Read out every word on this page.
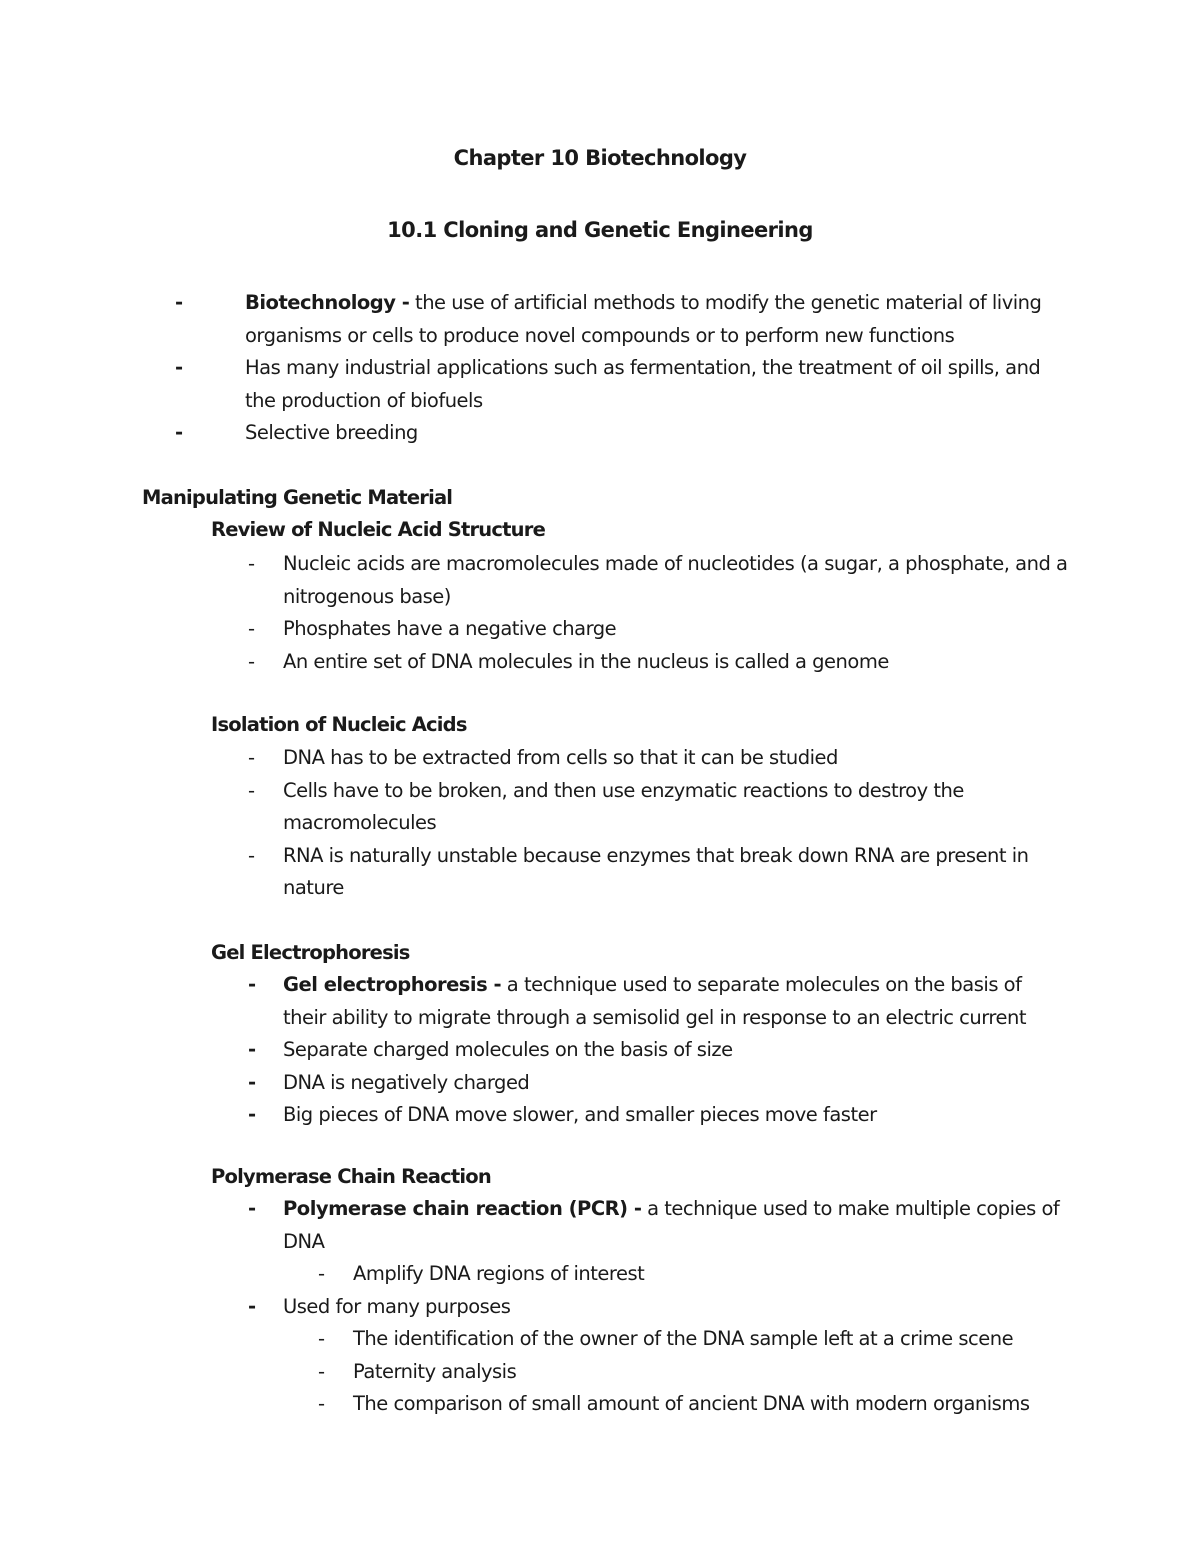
Chapter 10 Biotechnology
10.1 Cloning and Genetic Engineering
-	Biotechnology - the use of artificial methods to modify the genetic material of living organisms or cells to produce novel compounds or to perform new functions
-	Has many industrial applications such as fermentation, the treatment of oil spills, and the production of biofuels
-	Selective breeding
Manipulating Genetic Material
Review of Nucleic Acid Structure
- Nucleic acids are macromolecules made of nucleotides (a sugar, a phosphate, and a nitrogenous base)
- Phosphates have a negative charge
- An entire set of DNA molecules in the nucleus is called a genome
Isolation of Nucleic Acids
- DNA has to be extracted from cells so that it can be studied
- Cells have to be broken, and then use enzymatic reactions to destroy the macromolecules
- RNA is naturally unstable because enzymes that break down RNA are present in nature
Gel Electrophoresis
- Gel electrophoresis - a technique used to separate molecules on the basis of their ability to migrate through a semisolid gel in response to an electric current
- Separate charged molecules on the basis of size
- DNA is negatively charged
- Big pieces of DNA move slower, and smaller pieces move faster
Polymerase Chain Reaction
- Polymerase chain reaction (PCR) - a technique used to make multiple copies of DNA
- Amplify DNA regions of interest
- Used for many purposes
- The identification of the owner of the DNA sample left at a crime scene
- Paternity analysis
- The comparison of small amount of ancient DNA with modern organisms
